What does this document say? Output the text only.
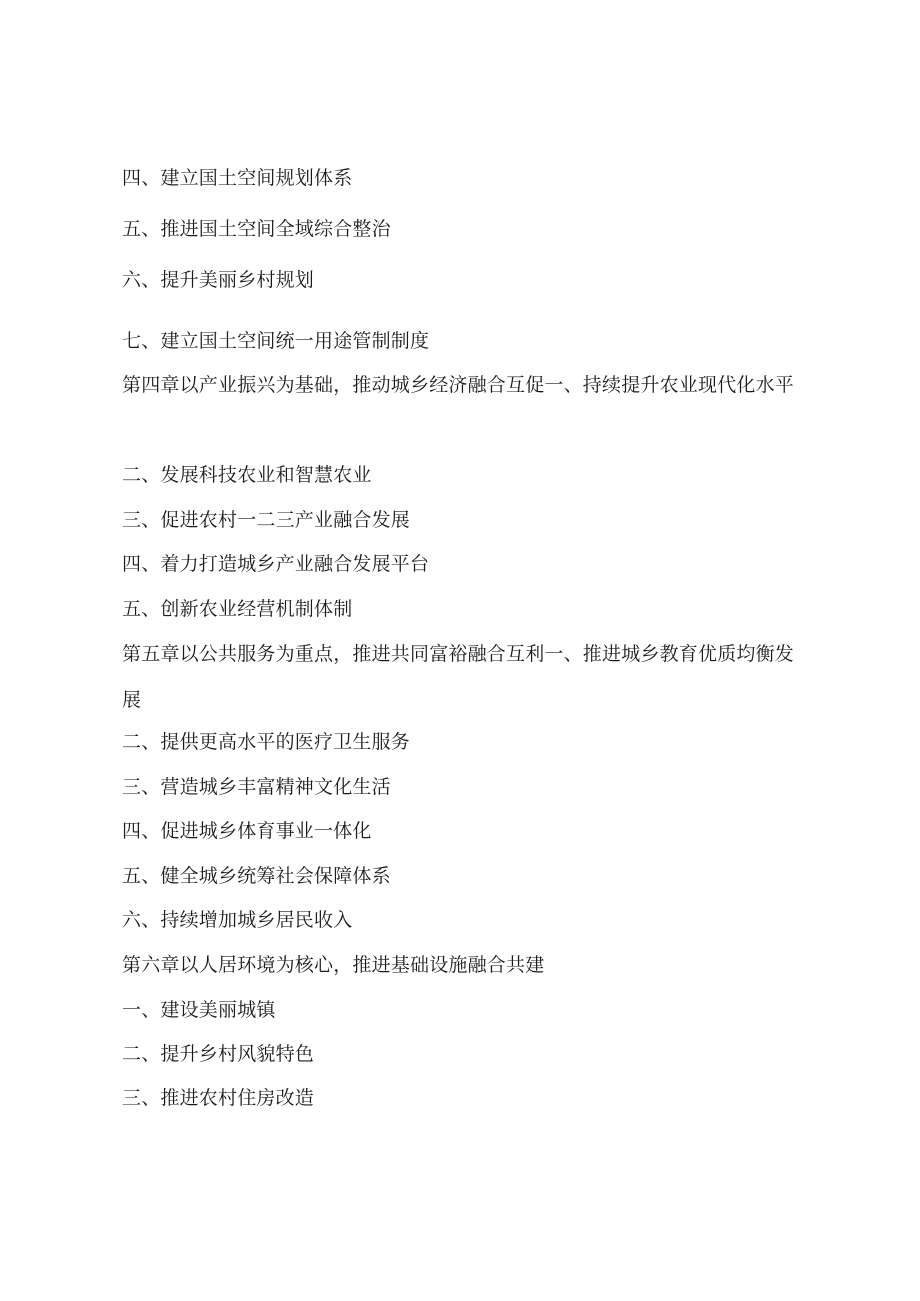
四、建立国土空间规划体系
五、推进国土空间全域综合整治
六、提升美丽乡村规划
七、建立国土空间统一用途管制制度
第四章以产业振兴为基础，推动城乡经济融合互促一、持续提升农业现代化水平
二、发展科技农业和智慧农业
三、促进农村一二三产业融合发展
四、着力打造城乡产业融合发展平台
五、创新农业经营机制体制
第五章以公共服务为重点，推进共同富裕融合互利一、推进城乡教育优质均衡发展
二、提供更高水平的医疗卫生服务
三、营造城乡丰富精神文化生活
四、促进城乡体育事业一体化
五、健全城乡统筹社会保障体系
六、持续增加城乡居民收入
第六章以人居环境为核心，推进基础设施融合共建
一、建设美丽城镇
二、提升乡村风貌特色
三、推进农村住房改造
